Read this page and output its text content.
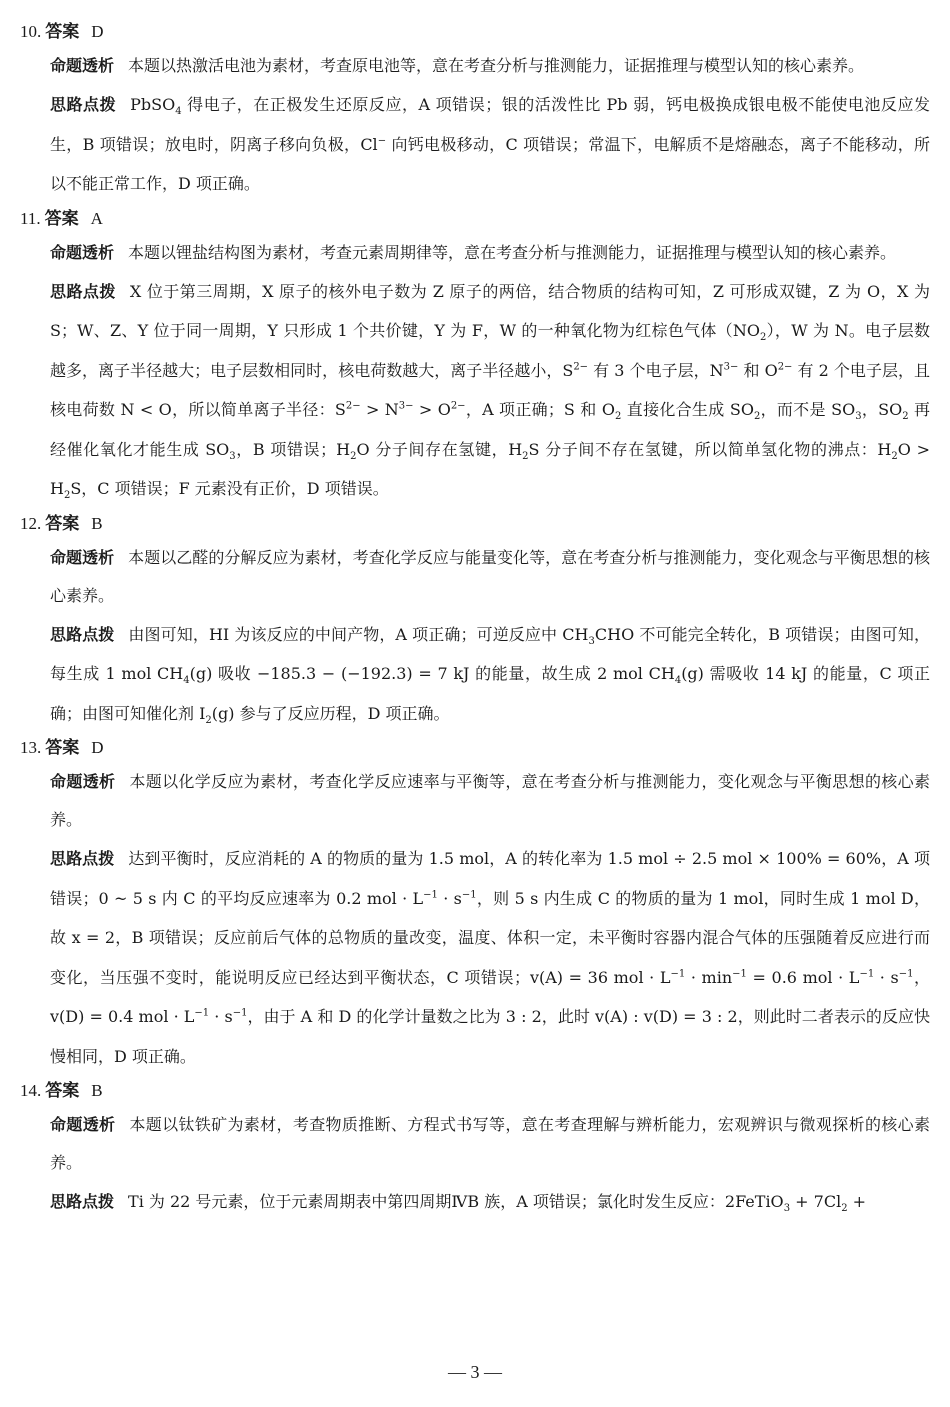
10. 答案 D

命题透析 本题以热激活电池为素材，考查原电池等，意在考查分析与推测能力，证据推理与模型认知的核心素养。

思路点拨 PbSO$_4$ 得电子，在正极发生还原反应，A 项错误；银的活泼性比 Pb 弱，钙电极换成银电极不能使电池反应发生，B 项错误；放电时，阴离子移向负极，Cl− 向钙电极移动，C 项错误；常温下，电解质不是熔融态，离子不能移动，所以不能正常工作，D 项正确。

11. 答案 A

命题透析 本题以锂盐结构图为素材，考查元素周期律等，意在考查分析与推测能力，证据推理与模型认知的核心素养。

思路点拨 X 位于第三周期，X 原子的核外电子数为 Z 原子的两倍，结合物质的结构可知，Z 可形成双键，Z 为 O，X 为 S；W、Z、Y 位于同一周期，Y 只形成 1 个共价键，Y 为 F，W 的一种氧化物为红棕色气体$(NO_2)$，W 为 N。电子层数越多，离子半径越大；电子层数相同时，核电荷数越大，离子半径越小，$S^{2-}$ 有 3 个电子层，$N^{3-}$ 和 $O^{2-}$ 有 2 个电子层，且核电荷数 N < O，所以简单离子半径：$S^{2-} > N^{3-} > O^{2-}$，A 项正确；S 和 $O_2$ 直接化合生成 $SO_2$，而不是 $SO_3$，$SO_2$ 再经催化氧化才能生成 $SO_3$，B 项错误；$H_2O$ 分子间存在氢键，$H_2S$ 分子间不存在氢键，所以简单氢化物的沸点：$H_2O > H_2S$，C 项错误；F 元素没有正价，D 项错误。

12. 答案 B

命题透析 本题以乙醛的分解反应为素材，考查化学反应与能量变化等，意在考查分析与推测能力，变化观念与平衡思想的核心素养。

思路点拨 由图可知，HI 为该反应的中间产物，A 项正确；可逆反应中 $CH_3CHO$ 不可能完全转化，B 项错误；由图可知，每生成 1 mol $CH_4(g)$ 吸收 −185.3 − (−192.3) = 7 kJ 的能量，故生成 2 mol $CH_4(g)$ 需吸收 14 kJ 的能量，C 项正确；由图可知催化剂 $I_2(g)$ 参与了反应历程，D 项正确。

13. 答案 D

命题透析 本题以化学反应为素材，考查化学反应速率与平衡等，意在考查分析与推测能力，变化观念与平衡思想的核心素养。

思路点拨 达到平衡时，反应消耗的 A 的物质的量为 1.5 mol，A 的转化率为 1.5 mol ÷ 2.5 mol × 100% = 60%，A 项错误；0 ~ 5 s 内 C 的平均反应速率为 0.2 mol · $L^{-1} \cdot s^{-1}$，则 5 s 内生成 C 的物质的量为 1 mol，同时生成 1 mol D，故 x = 2，B 项错误；反应前后气体的总物质的量改变，温度、体积一定，未平衡时容器内混合气体的压强随着反应进行而变化，当压强不变时，能说明反应已经达到平衡状态，C 项错误；v(A) = 36 mol · $L^{-1} \cdot \min^{-1} = 0.6$ mol · $L^{-1} \cdot s^{-1}$，v(D) = 0.4 mol · $L^{-1} \cdot s^{-1}$，由于 A 和 D 的化学计量数之比为 3 : 2，此时 v(A) : v(D) = 3 : 2，则此时二者表示的反应快慢相同，D 项正确。

14. 答案 B

命题透析 本题以钛铁矿为素材，考查物质推断、方程式书写等，意在考查理解与辨析能力，宏观辨识与微观探析的核心素养。

思路点拨 Ti 为 22 号元素，位于元素周期表中第四周期ⅣB 族，A 项错误；氯化时发生反应：2FeTiO$_3$ + $7Cl_2$ +

— 3 —
